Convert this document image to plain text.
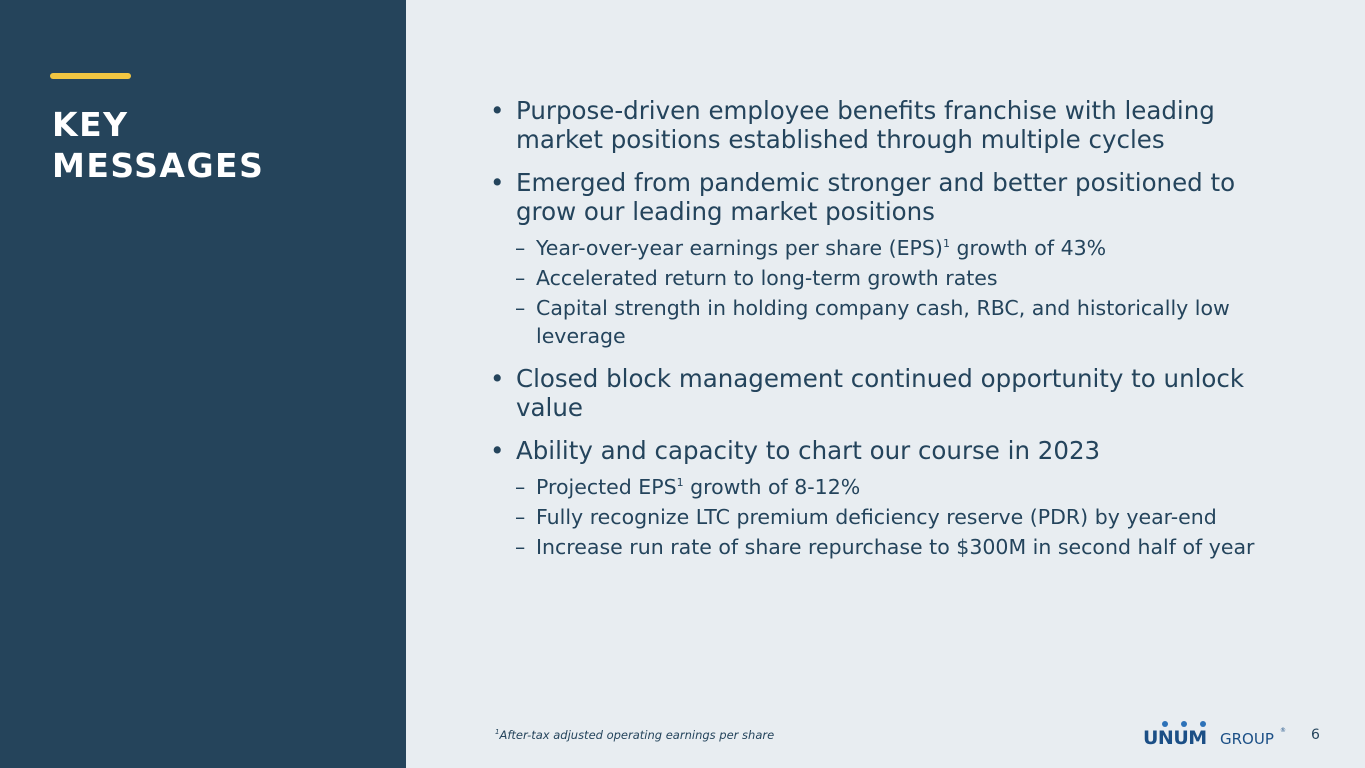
KEY
MESSAGES
• Purpose-driven employee benefits franchise with leading market positions established through multiple cycles
• Emerged from pandemic stronger and better positioned to grow our leading market positions
– Year-over-year earnings per share (EPS)$^1$ growth of 43%
– Accelerated return to long-term growth rates
– Capital strength in holding company cash, RBC, and historically low leverage
• Closed block management continued opportunity to unlock value
• Ability and capacity to chart our course in 2023
– Projected EPS$^1$ growth of 8-12%
– Fully recognize LTC premium deficiency reserve (PDR) by year-end
– Increase run rate of share repurchase to $300M in second half of year
$^1$After-tax adjusted operating earnings per share	UNUM GROUP ® 6
